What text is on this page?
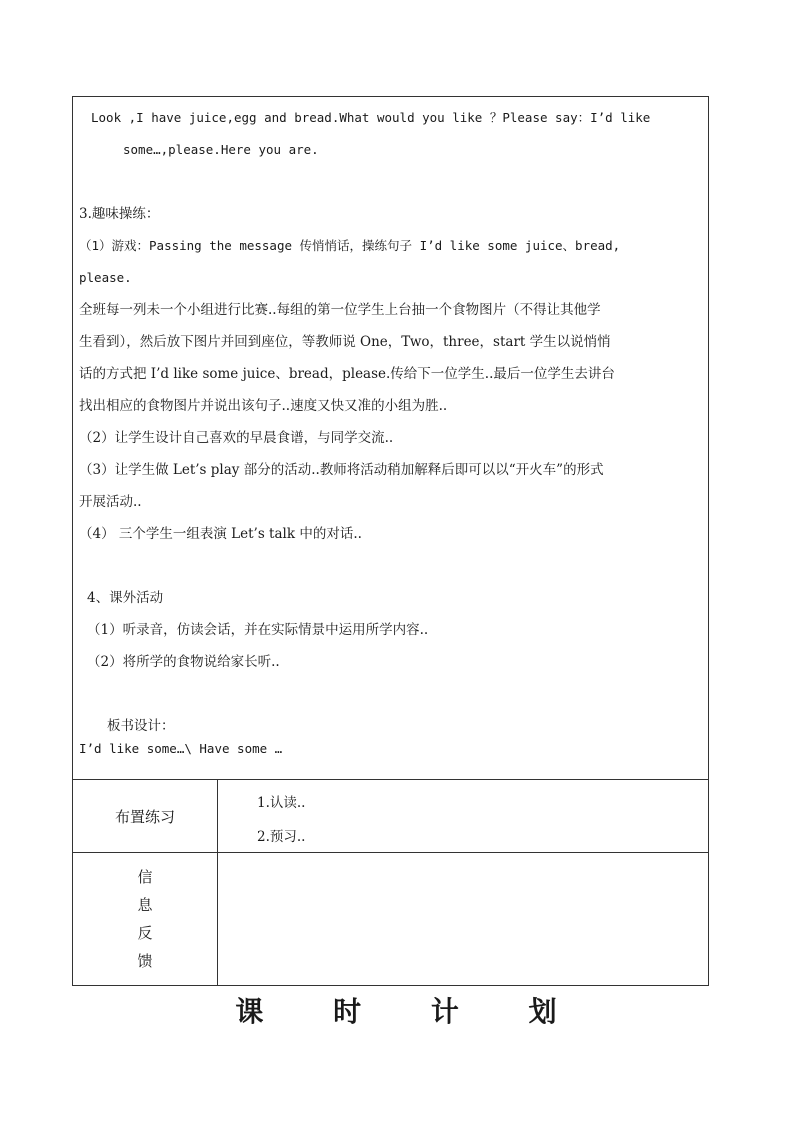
Look ,I have juice,egg and bread.What would you like ？Please say：I’d like
some…,please.Here you are.
3.趣味操练：
（1）游戏：Passing the message 传悄悄话，操练句子 I’d like some juice、bread,
please.
全班每一列未一个小组进行比赛..每组的第一位学生上台抽一个食物图片（不得让其他学
生看到），然后放下图片并回到座位，等教师说 One，Two，three，start 学生以说悄悄
话的方式把 I’d like some juice、bread，please.传给下一位学生..最后一位学生去讲台
找出相应的食物图片并说出该句子..速度又快又准的小组为胜..
（2）让学生设计自己喜欢的早晨食谱，与同学交流..
（3）让学生做 Let’s play 部分的活动..教师将活动稍加解释后即可以以“开火车”的形式
开展活动..
（4） 三个学生一组表演 Let’s talk 中的对话..
4、课外活动
（1）听录音，仿读会话，并在实际情景中运用所学内容..
（2）将所学的食物说给家长听..
板书设计：
I’d like some…\ Have some …
布置练习
1.认读..
2.预习..
信
息
反
馈
课 时 计 划
